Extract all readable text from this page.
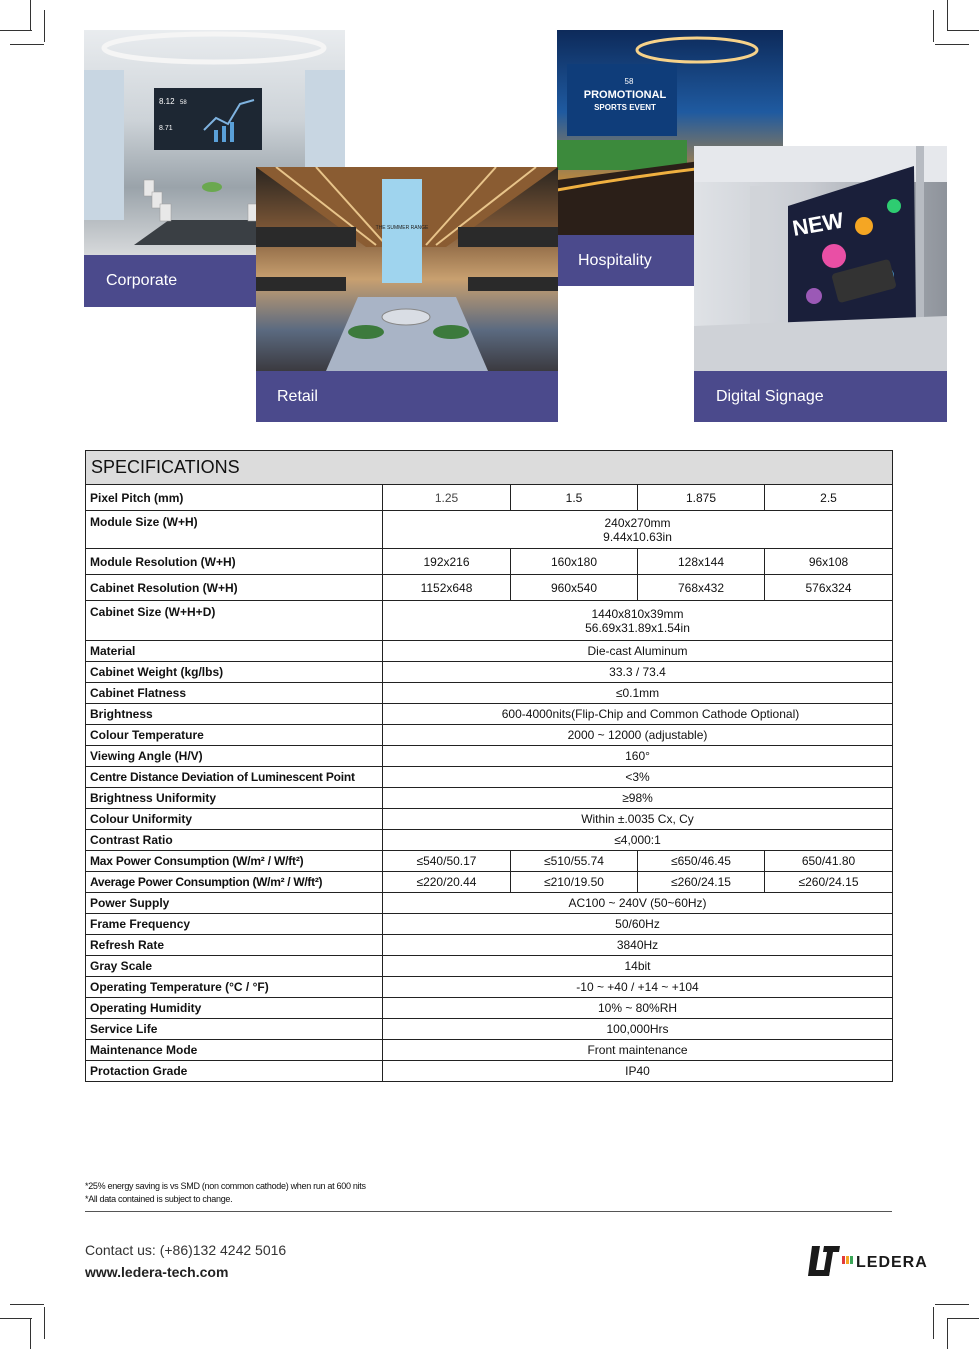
8.12
8.71
58
Corporate
58
PROMOTIONAL
SPORTS EVENT
Hospitality
THE SUMMER RANGE
Retail
NEW
Digital Signage
SPECIFICATIONS				
Pixel Pitch (mm)	1.25	1.5	1.875	2.5
Module Size (W+H)	240x270mm
9.44x10.63in			

Module Resolution (W+H)	192x216	160x180	128x144	96x108
Cabinet Resolution (W+H)	1152x648	960x540	768x432	576x324
Cabinet Size (W+H+D)	1440x810x39mm
56.69x31.89x1.54in			

Material	Die-cast Aluminum			
Cabinet Weight (kg/lbs)	33.3 / 73.4			
Cabinet Flatness	≤0.1mm			
Brightness	600-4000nits(Flip-Chip and Common Cathode Optional)			
Colour Temperature	2000 ~ 12000 (adjustable)			
Viewing Angle (H/V)	160°			
Centre Distance Deviation of Luminescent Point	<3%			
Brightness Uniformity	≥98%			
Colour Uniformity	Within ±.0035 Cx, Cy			
Contrast Ratio	≤4,000:1			
Max Power Consumption (W/m² / W/ft²)	≤540/50.17	≤510/55.74	≤650/46.45	650/41.80
Average Power Consumption (W/m² / W/ft²)	≤220/20.44	≤210/19.50	≤260/24.15	≤260/24.15
Power Supply	AC100 ~ 240V (50~60Hz)			
Frame Frequency	50/60Hz			
Refresh Rate	3840Hz			
Gray Scale	14bit			
Operating Temperature (°C / °F)	-10 ~ +40 / +14 ~ +104			
Operating Humidity	10% ~ 80%RH			
Service Life	100,000Hrs			
Maintenance Mode	Front maintenance			
Protaction Grade	IP40			
*25% energy saving is vs SMD (non common cathode) when run at 600 nits
*All data contained is subject to change.
Contact us: (+86)132 4242 5016
www.ledera-tech.com
LEDERA
